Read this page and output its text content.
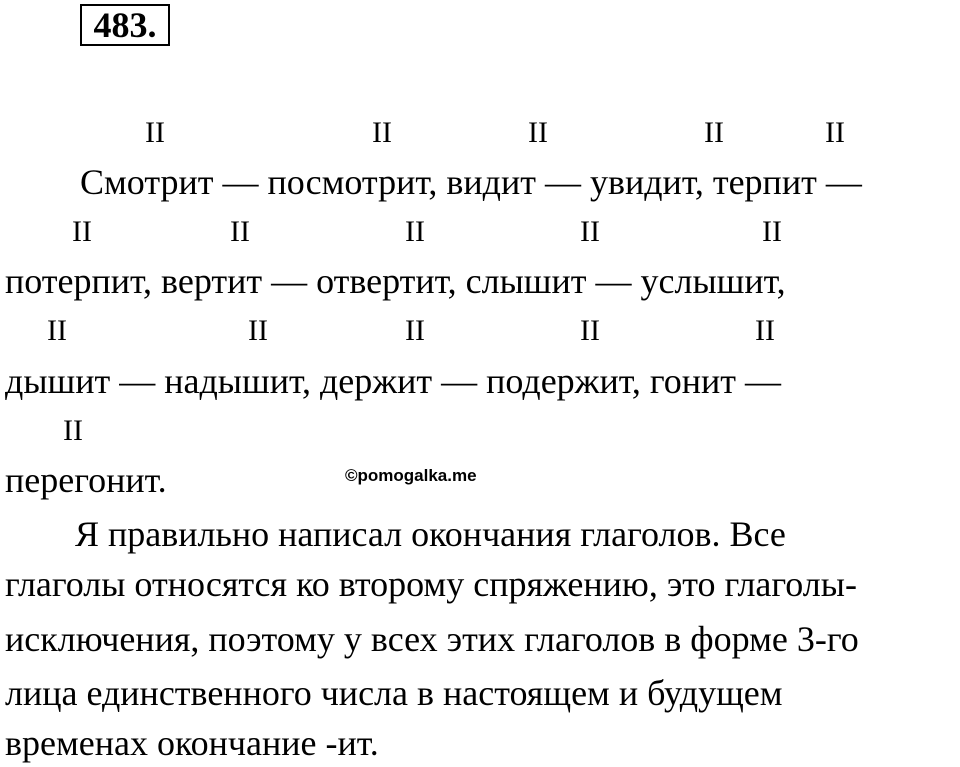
483.
II	II	II	II	II
Смотрит — посмотрит, видит — увидит, терпит —
II	II	II	II	II
потерпит, вертит — отвертит, слышит — услышит,
II	II	II	II	II
дышит — надышит, держит — подержит, гонит —
II
перегонит.	©pomogalka.me
Я правильно написал окончания глаголов. Все
глаголы относятся ко второму спряжению, это глаголы-
исключения, поэтому у всех этих глаголов в форме 3-го
лица единственного числа в настоящем и будущем
временах окончание -ит.
